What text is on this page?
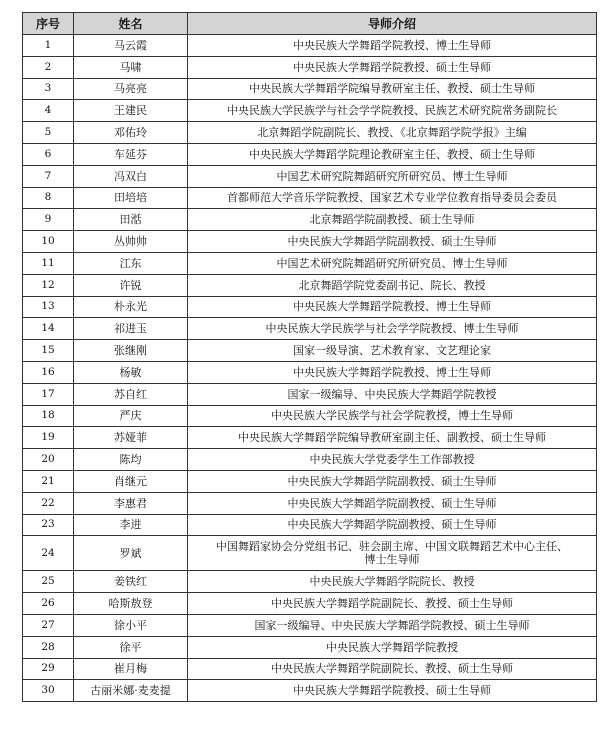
序号	姓名	导师介绍
1	马云霞	中央民族大学舞蹈学院教授、博士生导师
2	马啸	中央民族大学舞蹈学院教授、硕士生导师
3	马亮亮	中央民族大学舞蹈学院编导教研室主任、教授、硕士生导师
4	王建民	中央民族大学民族学与社会学学院教授、民族艺术研究院常务副院长
5	邓佑玲	北京舞蹈学院副院长、教授、《北京舞蹈学院学报》主编
6	车延芬	中央民族大学舞蹈学院理论教研室主任、教授、硕士生导师
7	冯双白	中国艺术研究院舞蹈研究所研究员、博士生导师
8	田培培	首都师范大学音乐学院教授、国家艺术专业学位教育指导委员会委员
9	田湉	北京舞蹈学院副教授、硕士生导师
10	丛帅帅	中央民族大学舞蹈学院副教授、硕士生导师
11	江东	中国艺术研究院舞蹈研究所研究员、博士生导师
12	许锐	北京舞蹈学院党委副书记、院长、教授
13	朴永光	中央民族大学舞蹈学院教授、博士生导师
14	祁进玉	中央民族大学民族学与社会学学院教授、博士生导师
15	张继刚	国家一级导演、艺术教育家、文艺理论家
16	杨敏	中央民族大学舞蹈学院教授、博士生导师
17	苏自红	国家一级编导、中央民族大学舞蹈学院教授
18	严庆	中央民族大学民族学与社会学院教授，博士生导师
19	苏娅菲	中央民族大学舞蹈学院编导教研室副主任、副教授、硕士生导师
20	陈均	中央民族大学党委学生工作部教授
21	肖继元	中央民族大学舞蹈学院副教授、硕士生导师
22	李惠君	中央民族大学舞蹈学院副教授、硕士生导师
23	李进	中央民族大学舞蹈学院副教授、硕士生导师
24	罗斌	中国舞蹈家协会分党组书记、驻会副主席、中国文联舞蹈艺术中心主任、
博士生导师

25	姜铁红	中央民族大学舞蹈学院院长、教授
26	哈斯敖登	中央民族大学舞蹈学院副院长、教授、硕士生导师
27	徐小平	国家一级编导、中央民族大学舞蹈学院教授、硕士生导师
28	徐平	中央民族大学舞蹈学院教授
29	崔月梅	中央民族大学舞蹈学院副院长、教授、硕士生导师
30	古丽米娜·麦麦提	中央民族大学舞蹈学院教授、硕士生导师
